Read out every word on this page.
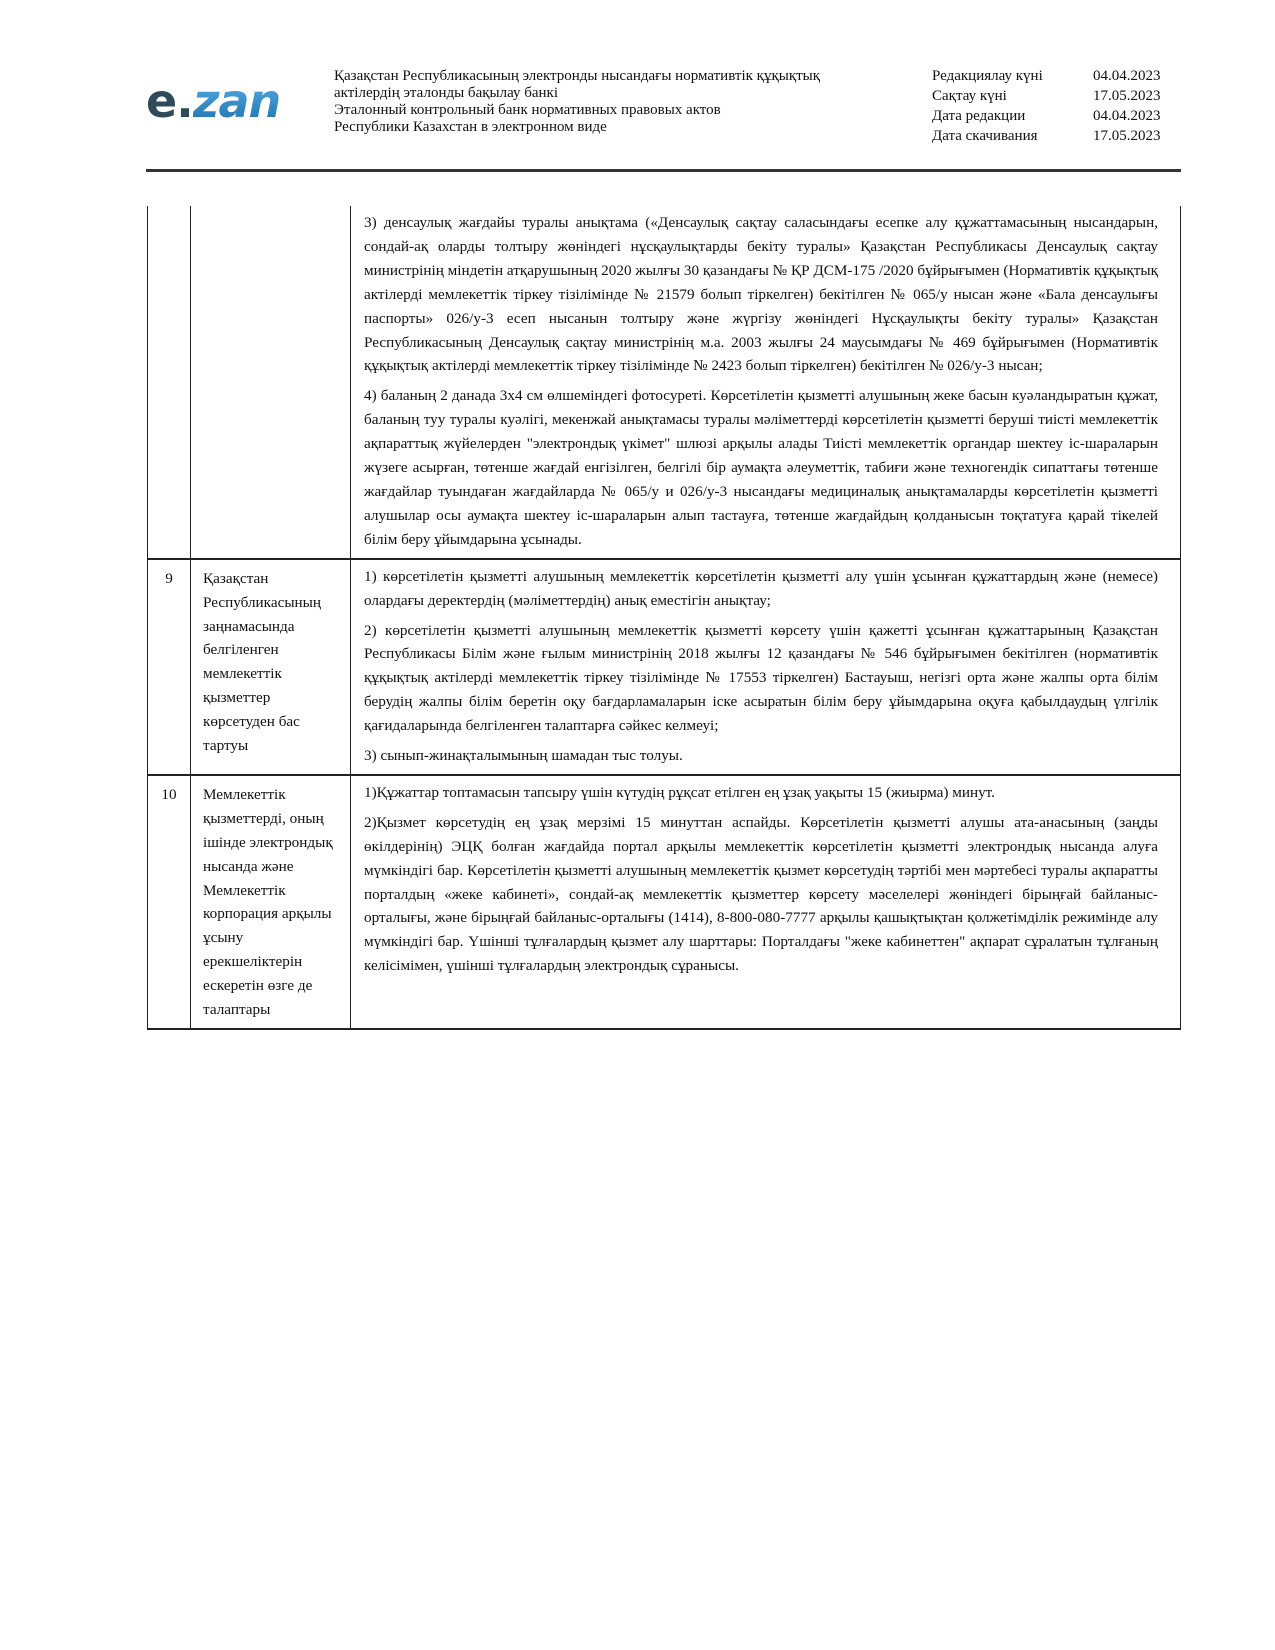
e.zan	Қазақстан Республикасының электронды нысандағы нормативтік құқықтық
актілердің эталонды бақылау банкі
Эталонный контрольный банк нормативных правовых актов
Республики Казахстан в электронном виде
Редакциялау күні	04.04.2023
Сақтау күні	17.05.2023
Дата редакции	04.04.2023
Дата скачивания	17.05.2023

		3) денсаулық жағдайы туралы анықтама («Денсаулық сақтау саласындағы есепке алу құжаттамасының нысандарын, сондай-ақ оларды толтыру жөніндегі нұсқаулықтарды бекіту туралы» Қазақстан Республикасы Денсаулық сақтау министрінің міндетін атқарушының 2020 жылғы 30 қазандағы № ҚР ДСМ-175 /2020 бұйрығымен (Нормативтік құқықтық актілерді мемлекеттік тіркеу тізілімінде № 21579 болып тіркелген) бекітілген № 065/у нысан және «Бала денсаулығы паспорты» 026/у-3 есеп нысанын толтыру және жүргізу жөніндегі Нұсқаулықты бекіту туралы» Қазақстан Республикасының Денсаулық сақтау министрінің м.а. 2003 жылғы 24 маусымдағы № 469 бұйрығымен (Нормативтік құқықтық актілерді мемлекеттік тіркеу тізілімінде № 2423 болып тіркелген) бекітілген № 026/у-3 нысан;

4) баланың 2 данада 3х4 см өлшеміндегі фотосуреті. Көрсетілетін қызметті алушының жеке басын куәландыратын құжат, баланың туу туралы куәлігі, мекенжай анықтамасы туралы мәліметтерді көрсетілетін қызметті беруші тиісті мемлекеттік ақпараттық жүйелерден "электрондық үкімет" шлюзі арқылы алады Тиісті мемлекеттік органдар шектеу іс-шараларын жүзеге асырған, төтенше жағдай енгізілген, белгілі бір аумақта әлеуметтік, табиғи және техногендік сипаттағы төтенше жағдайлар туындаған жағдайларда № 065/у и 026/у-3 нысандағы медициналық анықтамаларды көрсетілетін қызметті алушылар осы аумақта шектеу іс-шараларын алып тастауға, төтенше жағдайдың қолданысын тоқтатуға қарай тікелей білім беру ұйымдарына ұсынады.

9	Қазақстан Республикасының заңнамасында белгіленген мемлекеттік қызметтер көрсетуден бас тартуы	1) көрсетілетін қызметті алушының мемлекеттік көрсетілетін қызметті алу үшін ұсынған құжаттардың және (немесе) олардағы деректердің (мәліметтердің) анық еместігін анықтау;

2) көрсетілетін қызметті алушының мемлекеттік қызметті көрсету үшін қажетті ұсынған құжаттарының Қазақстан Республикасы Білім және ғылым министрінің 2018 жылғы 12 қазандағы № 546 бұйрығымен бекітілген (нормативтік құқықтық актілерді мемлекеттік тіркеу тізілімінде № 17553 тіркелген) Бастауыш, негізгі орта және жалпы орта білім берудің жалпы білім беретін оқу бағдарламаларын іске асыратын білім беру ұйымдарына оқуға қабылдаудың үлгілік қағидаларында белгіленген талаптарға сәйкес келмеуі;

3) сынып-жинақталымының шамадан тыс толуы.

10	Мемлекеттік қызметтерді, оның ішінде электрондық нысанда және Мемлекеттік корпорация арқылы ұсыну ерекшеліктерін ескеретін өзге де талаптары	1)Құжаттар топтамасын тапсыру үшін күтудің рұқсат етілген ең ұзақ уақыты 15 (жиырма) минут.

2)Қызмет көрсетудің ең ұзақ мерзімі 15 минуттан аспайды. Көрсетілетін қызметті алушы ата-анасының (заңды өкілдерінің) ЭЦҚ болған жағдайда портал арқылы мемлекеттік көрсетілетін қызметті электрондық нысанда алуға мүмкіндігі бар. Көрсетілетін қызметті алушының мемлекеттік қызмет көрсетудің тәртібі мен мәртебесі туралы ақпаратты порталдың «жеке кабинеті», сондай-ақ мемлекеттік қызметтер көрсету мәселелері жөніндегі бірыңғай байланыс-орталығы, және бірыңғай байланыс-орталығы (1414), 8-800-080-7777 арқылы қашықтықтан қолжетімділік режимінде алу мүмкіндігі бар. Үшінші тұлғалардың қызмет алу шарттары: Порталдағы "жеке кабинеттен" ақпарат сұралатын тұлғаның келісімімен, үшінші тұлғалардың электрондық сұранысы.
